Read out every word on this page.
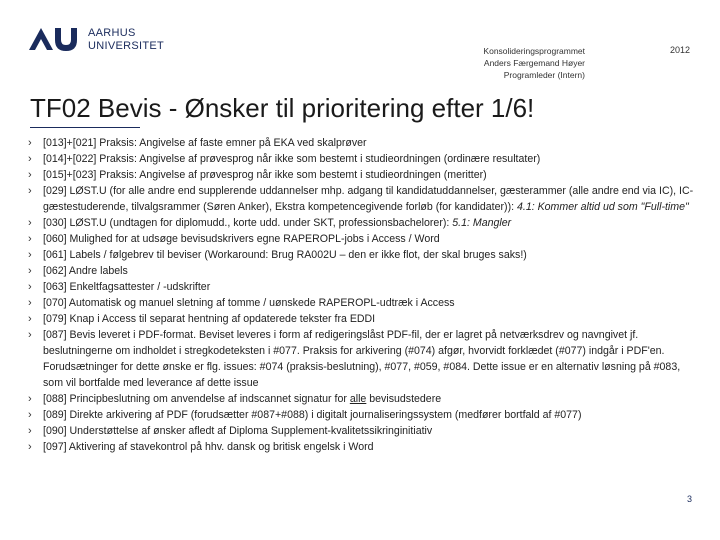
AARHUS
UNIVERSITET	Konsolideringsprogrammet
Anders Færgemand Høyer
Programleder (Intern)
2012
TF02 Bevis - Ønsker til prioritering efter 1/6!
› [013]+[021] Praksis: Angivelse af faste emner på EKA ved skalprøver
› [014]+[022] Praksis: Angivelse af prøvesprog når ikke som bestemt i studieordningen (ordinære resultater)
› [015]+[023] Praksis: Angivelse af prøvesprog når ikke som bestemt i studieordningen (meritter)
› [029] LØST.U (for alle andre end supplerende uddannelser mhp. adgang til kandidatuddannelser, gæsterammer (alle andre end via IC), IC-gæstestuderende, tilvalgsrammer (Søren Anker), Ekstra kompetencegivende forløb (for kandidater)): 4.1: Kommer altid ud som "Full-time"
› [030] LØST.U (undtagen for diplomudd., korte udd. under SKT, professionsbachelorer): 5.1: Mangler
› [060] Mulighed for at udsøge bevisudskrivers egne RAPEROPL-jobs i Access / Word
› [061] Labels / følgebrev til beviser (Workaround: Brug RA002U – den er ikke flot, der skal bruges saks!)
› [062] Andre labels
› [063] Enkeltfagsattester / -udskrifter
› [070] Automatisk og manuel sletning af tomme / uønskede RAPEROPL-udtræk i Access
› [079] Knap i Access til separat hentning af opdaterede tekster fra EDDI
› [087] Bevis leveret i PDF-format. Beviset leveres i form af redigeringslåst PDF-fil, der er lagret på netværksdrev og navngivet jf. beslutningerne om indholdet i stregkodeteksten i #077. Praksis for arkivering (#074) afgør, hvorvidt forklædet (#077) indgår i PDF'en. Forudsætninger for dette ønske er flg. issues: #074 (praksis-beslutning), #077, #059, #084. Dette issue er en alternativ løsning på #083, som vil bortfalde med leverance af dette issue
› [088] Principbeslutning om anvendelse af indscannet signatur for alle bevisudstedere
› [089] Direkte arkivering af PDF (forudsætter #087+#088) i digitalt journaliseringssystem (medfører bortfald af #077)
› [090] Understøttelse af ønsker afledt af Diploma Supplement-kvalitetssikringinitiativ
› [097] Aktivering af stavekontrol på hhv. dansk og britisk engelsk i Word
3
